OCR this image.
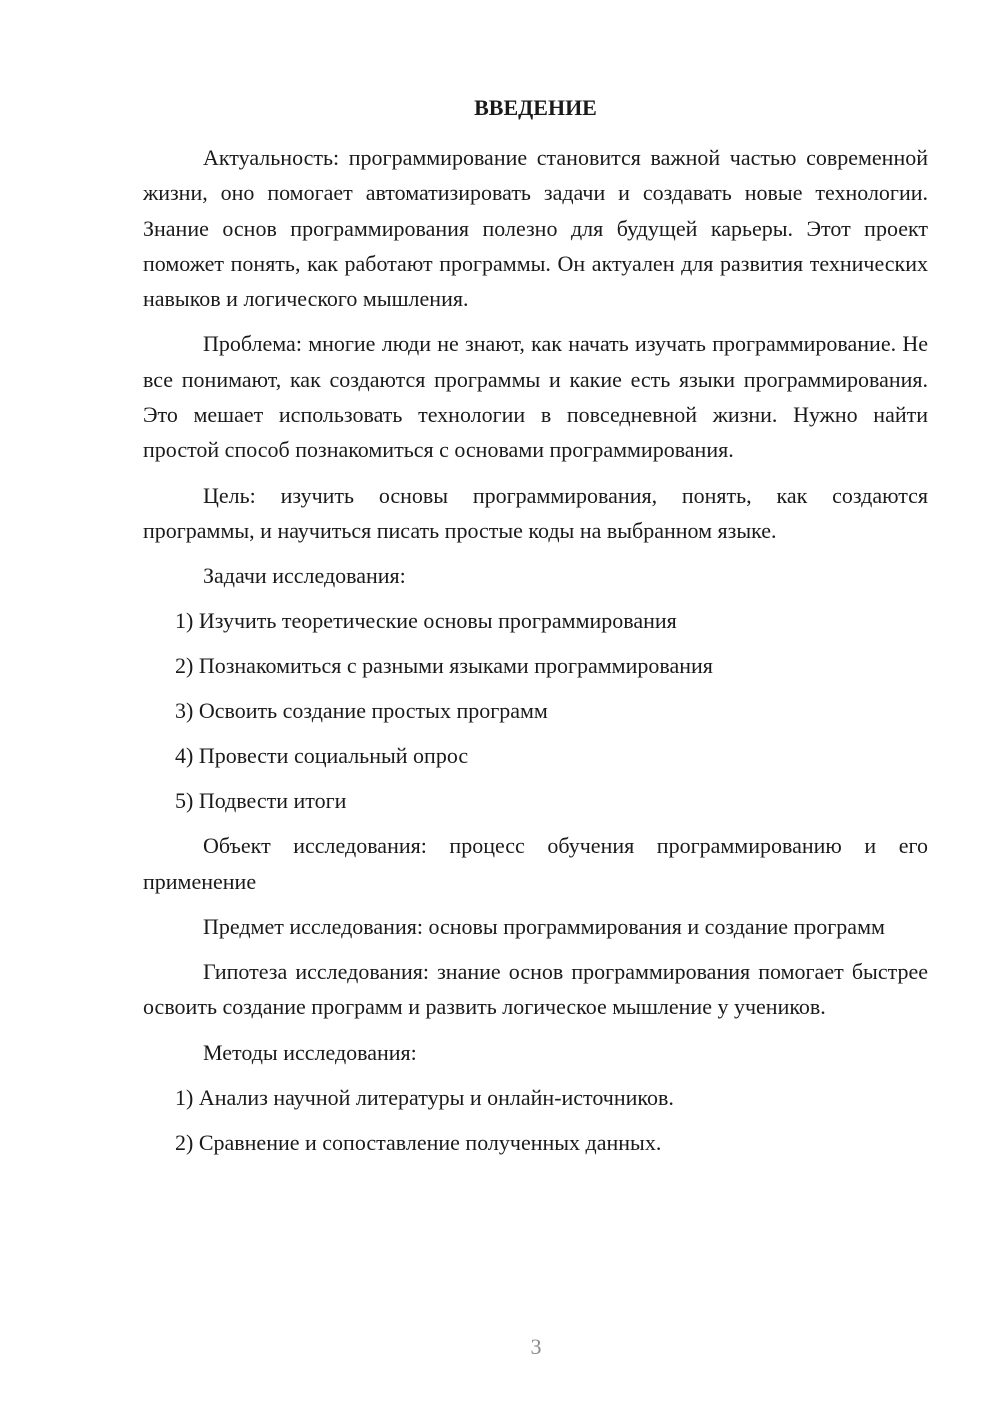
ВВЕДЕНИЕ

Актуальность: программирование становится важной частью современной жизни, оно помогает автоматизировать задачи и создавать новые технологии. Знание основ программирования полезно для будущей карьеры. Этот проект поможет понять, как работают программы. Он актуален для развития технических навыков и логического мышления.

Проблема: многие люди не знают, как начать изучать программирование. Не все понимают, как создаются программы и какие есть языки программирования. Это мешает использовать технологии в повседневной жизни. Нужно найти простой способ познакомиться с основами программирования.

Цель: изучить основы программирования, понять, как создаются программы, и научиться писать простые коды на выбранном языке.

Задачи исследования:

1) Изучить теоретические основы программирования

2) Познакомиться с разными языками программирования

3) Освоить создание простых программ

4) Провести социальный опрос

5) Подвести итоги

Объект исследования: процесс обучения программированию и его применение

Предмет исследования: основы программирования и создание программ

Гипотеза исследования: знание основ программирования помогает быстрее освоить создание программ и развить логическое мышление у учеников.

Методы исследования:

1) Анализ научной литературы и онлайн-источников.

2) Сравнение и сопоставление полученных данных.

3
